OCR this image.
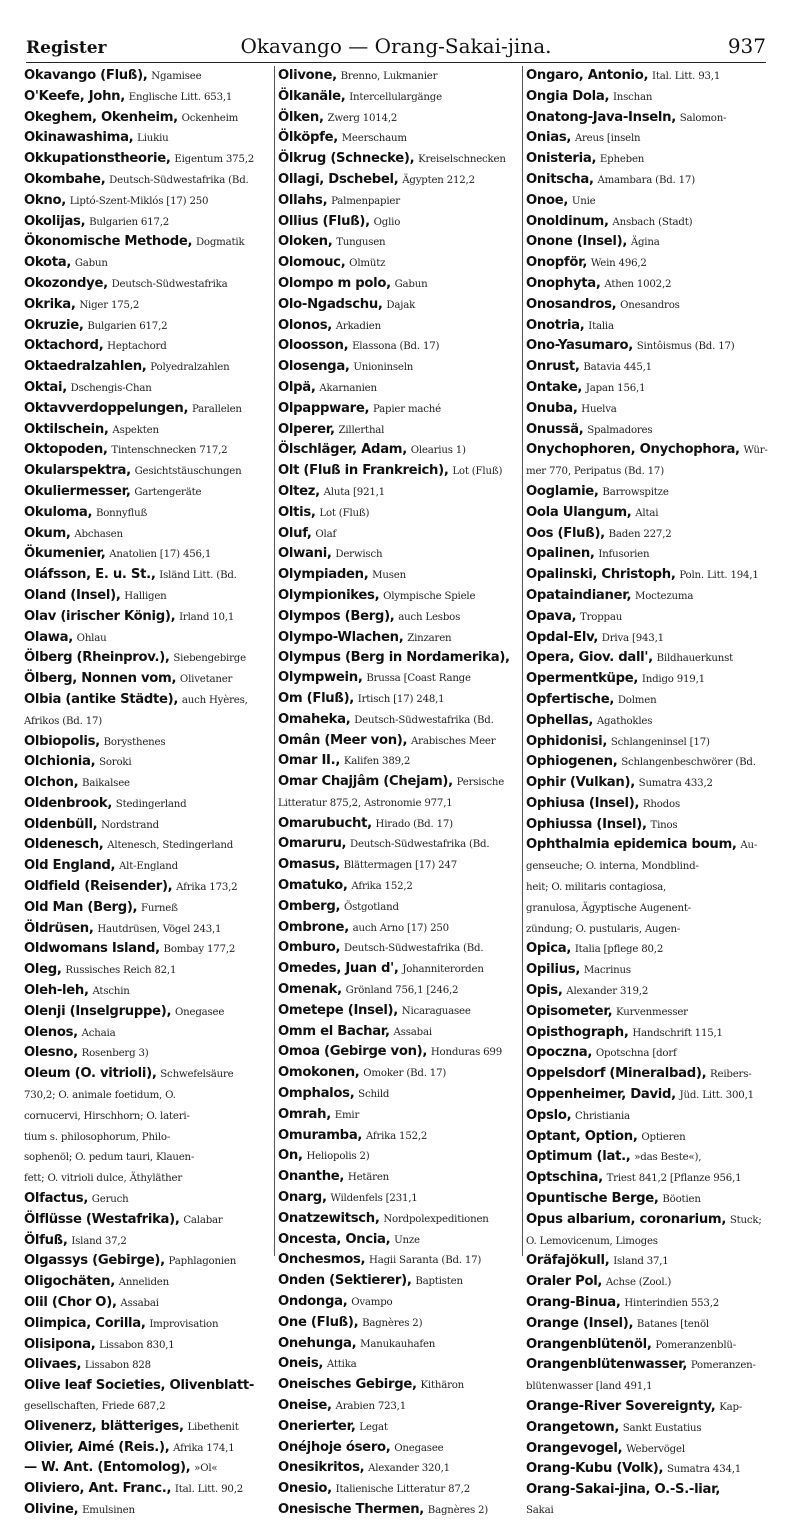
Register	Okavango — Orang-Sakai-jina.	937
Okavango (Fluß), Ngamisee
O'Keefe, John, Englische Litt. 653,1
Okeghem, Okenheim, Ockenheim
Okinawashima, Liukiu
Okkupationstheorie, Eigentum 375,2
Okombahe, Deutsch-Südwestafrika (Bd.
Okno, Liptó-Szent-Miklós [17) 250
Okolijas, Bulgarien 617,2
Ökonomische Methode, Dogmatik
Okota, Gabun
Okozondye, Deutsch-Südwestafrika
Okrika, Niger 175,2
Okruzie, Bulgarien 617,2
Oktachord, Heptachord
Oktaedralzahlen, Polyedralzahlen
Oktai, Dschengis-Chan
Oktavverdoppelungen, Parallelen
Oktilschein, Aspekten
Oktopoden, Tintenschnecken 717,2
Okularspektra, Gesichtstäuschungen
Okuliermesser, Gartengeräte
Okuloma, Bonnyfluß
Okum, Abchasen
Ökumenier, Anatolien [17) 456,1
Oláfsson, E. u. St., Isländ Litt. (Bd.
Oland (Insel), Halligen
Olav (irischer König), Irland 10,1
Olawa, Ohlau
Ölberg (Rheinprov.), Siebengebirge
Ölberg, Nonnen vom, Olivetaner
Olbia (antike Städte), auch Hyères,
Afrikos (Bd. 17)
Olbiopolis, Borysthenes
Olchionia, Soroki
Olchon, Baikalsee
Oldenbrook, Stedingerland
Oldenbüll, Nordstrand
Oldenesch, Altenesch, Stedingerland
Old England, Alt-England
Oldfield (Reisender), Afrika 173,2
Old Man (Berg), Furneß
Öldrüsen, Hautdrüsen, Vögel 243,1
Oldwomans Island, Bombay 177,2
Oleg, Russisches Reich 82,1
Oleh-leh, Atschin
Olenji (Inselgruppe), Onegasee
Olenos, Achaia
Olesno, Rosenberg 3)
Oleum (O. vitrioli), Schwefelsäure
730,2; O. animale foetidum, O.
cornucervi, Hirschhorn; O. lateri-
tium s. philosophorum, Philo-
sophenöl; O. pedum tauri, Klauen-
fett; O. vitrioli dulce, Äthyläther
Olfactus, Geruch
Ölflüsse (Westafrika), Calabar
Ölfuß, Island 37,2
Olgassys (Gebirge), Paphlagonien
Oligochäten, Anneliden
Olil (Chor O), Assabai
Olimpica, Corilla, Improvisation
Olisipona, Lissabon 830,1
Olivaes, Lissabon 828
Olive leaf Societies, Olivenblatt-
gesellschaften, Friede 687,2
Olivenerz, blätteriges, Libethenit
Olivier, Aimé (Reis.), Afrika 174,1
— W. Ant. (Entomolog), »Ol«
Oliviero, Ant. Franc., Ital. Litt. 90,2
Olivine, Emulsinen
Olivone, Brenno, Lukmanier
Ölkanäle, Intercellulargänge
Ölken, Zwerg 1014,2
Ölköpfe, Meerschaum
Ölkrug (Schnecke), Kreiselschnecken
Ollagi, Dschebel, Ägypten 212,2
Ollahs, Palmenpapier
Ollius (Fluß), Oglio
Oloken, Tungusen
Olomouc, Olmütz
Olompo m polo, Gabun
Olo-Ngadschu, Dajak
Olonos, Arkadien
Oloosson, Elassona (Bd. 17)
Olosenga, Unioninseln
Olpä, Akarnanien
Olpappware, Papier maché
Olperer, Zillerthal
Ölschläger, Adam, Olearius 1)
Olt (Fluß in Frankreich), Lot (Fluß)
Oltez, Aluta [921,1
Oltis, Lot (Fluß)
Oluf, Olaf
Olwani, Derwisch
Olympiaden, Musen
Olympionikes, Olympische Spiele
Olympos (Berg), auch Lesbos
Olympo-Wlachen, Zinzaren
Olympus (Berg in Nordamerika),
Olympwein, Brussa [Coast Range
Om (Fluß), Irtisch [17) 248,1
Omaheka, Deutsch-Südwestafrika (Bd.
Omân (Meer von), Arabisches Meer
Omar II., Kalifen 389,2
Omar Chajjâm (Chejam), Persische
Litteratur 875,2, Astronomie 977,1
Omarubucht, Hirado (Bd. 17)
Omaruru, Deutsch-Südwestafrika (Bd.
Omasus, Blättermagen [17) 247
Omatuko, Afrika 152,2
Omberg, Östgotland
Ombrone, auch Arno [17) 250
Omburo, Deutsch-Südwestafrika (Bd.
Omedes, Juan d', Johanniterorden
Omenak, Grönland 756,1 [246,2
Ometepe (Insel), Nicaraguasee
Omm el Bachar, Assabai
Omoa (Gebirge von), Honduras 699
Omokonen, Omoker (Bd. 17)
Omphalos, Schild
Omrah, Emir
Omuramba, Afrika 152,2
On, Heliopolis 2)
Onanthe, Hetären
Onarg, Wildenfels [231,1
Onatzewitsch, Nordpolexpeditionen
Oncesta, Oncia, Unze
Onchesmos, Hagii Saranta (Bd. 17)
Onden (Sektierer), Baptisten
Ondonga, Ovampo
One (Fluß), Bagnères 2)
Onehunga, Manukauhafen
Oneis, Attika
Oneisches Gebirge, Kithäron
Oneise, Arabien 723,1
Onerierter, Legat
Onéjhoje ósero, Onegasee
Onesikritos, Alexander 320,1
Onesio, Italienische Litteratur 87,2
Onesische Thermen, Bagnères 2)
Ongaro, Antonio, Ital. Litt. 93,1
Ongia Dola, Inschan
Onatong-Java-Inseln, Salomon-
Onias, Areus [inseln
Onisteria, Epheben
Onitscha, Amambara (Bd. 17)
Onoe, Unie
Onoldinum, Ansbach (Stadt)
Onone (Insel), Ägina
Onopför, Wein 496,2
Onophyta, Athen 1002,2
Onosandros, Onesandros
Onotria, Italia
Ono-Yasumaro, Sintôismus (Bd. 17)
Onrust, Batavia 445,1
Ontake, Japan 156,1
Onuba, Huelva
Onussä, Spalmadores
Onychophoren, Onychophora, Wür-
mer 770, Peripatus (Bd. 17)
Ooglamie, Barrowspitze
Oola Ulangum, Altai
Oos (Fluß), Baden 227,2
Opalinen, Infusorien
Opalinski, Christoph, Poln. Litt. 194,1
Opataindianer, Moctezuma
Opava, Troppau
Opdal-Elv, Driva [943,1
Opera, Giov. dall', Bildhauerkunst
Opermentküpe, Indigo 919,1
Opfertische, Dolmen
Ophellas, Agathokles
Ophidonisi, Schlangeninsel [17)
Ophiogenen, Schlangenbeschwörer (Bd.
Ophir (Vulkan), Sumatra 433,2
Ophiusa (Insel), Rhodos
Ophiussa (Insel), Tinos
Ophthalmia epidemica boum, Au-
genseuche; O. interna, Mondblind-
heit; O. militaris contagiosa,
granulosa, Ägyptische Augenent-
zündung; O. pustularis, Augen-
Opica, Italia [pflege 80,2
Opilius, Macrinus
Opis, Alexander 319,2
Opisometer, Kurvenmesser
Opisthograph, Handschrift 115,1
Opoczna, Opotschna [dorf
Oppelsdorf (Mineralbad), Reibers-
Oppenheimer, David, Jüd. Litt. 300,1
Opslo, Christiania
Optant, Option, Optieren
Optimum (lat., »das Beste«),
Optschina, Triest 841,2 [Pflanze 956,1
Opuntische Berge, Böotien
Opus albarium, coronarium, Stuck;
O. Lemovicenum, Limoges
Oräfajökull, Island 37,1
Oraler Pol, Achse (Zool.)
Orang-Binua, Hinterindien 553,2
Orange (Insel), Batanes [tenöl
Orangenblütenöl, Pomeranzenblü-
Orangenblütenwasser, Pomeranzen-
blütenwasser [land 491,1
Orange-River Sovereignty, Kap-
Orangetown, Sankt Eustatius
Orangevogel, Webervögel
Orang-Kubu (Volk), Sumatra 434,1
Orang-Sakai-jina, O.-S.-liar,
Sakai
